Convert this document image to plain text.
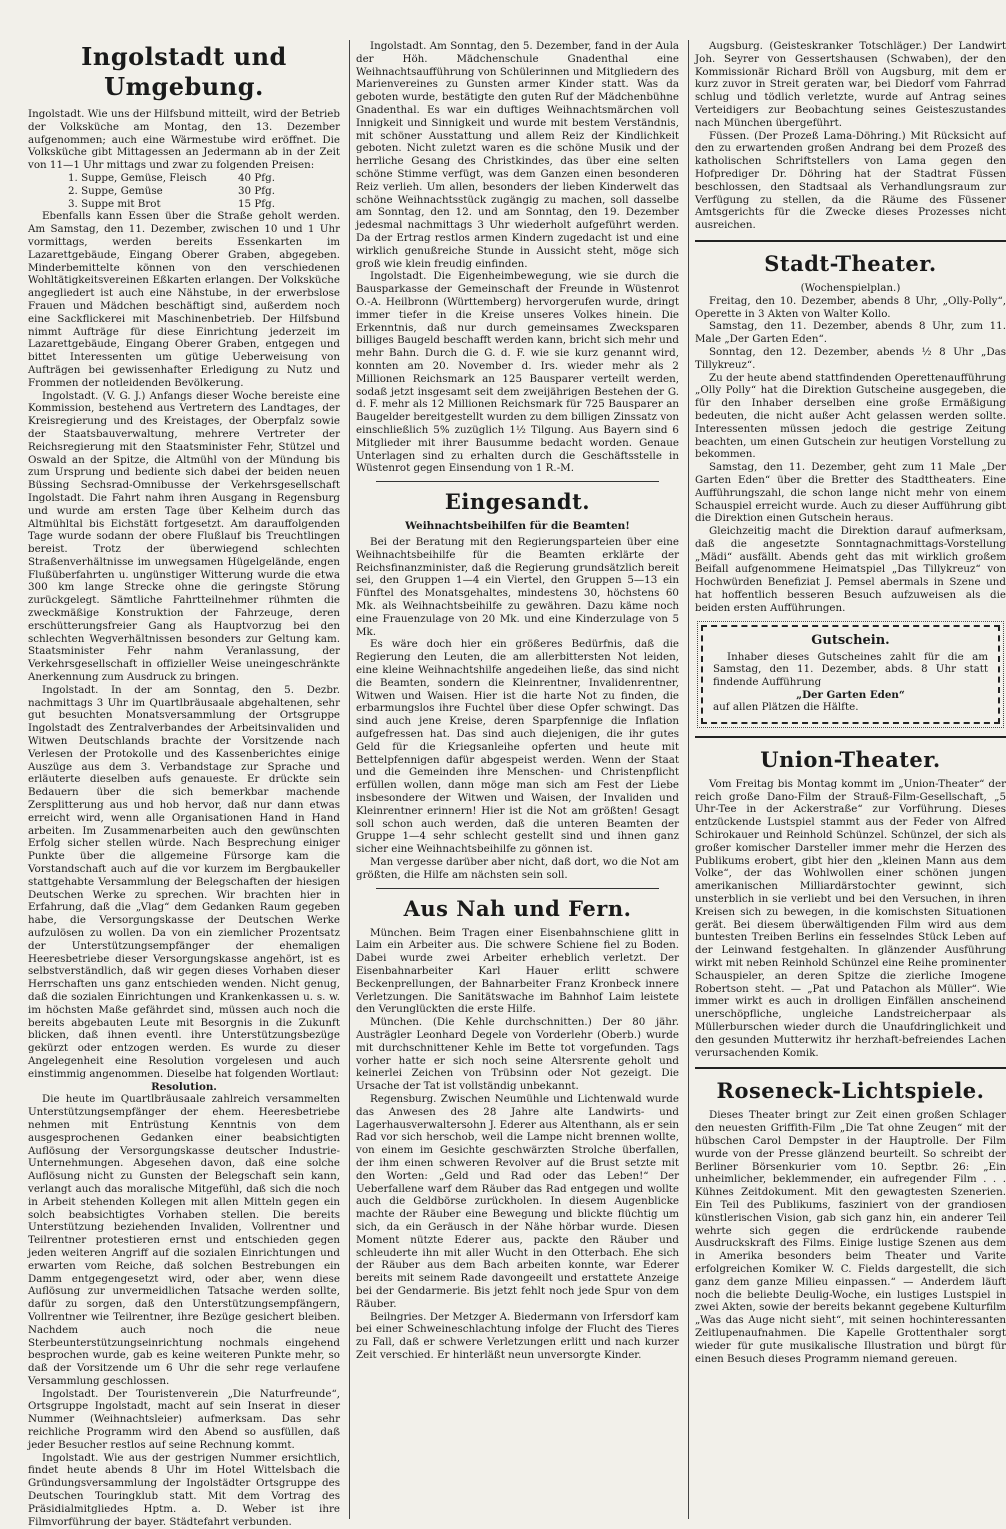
Ingolstadt und Umgebung.

Ingolstadt. Wie uns der Hilfsbund mitteilt, wird der Betrieb der Volksküche am Montag, den 13. Dezember aufgenommen; auch eine Wärmestube wird eröffnet. Die Volksküche gibt Mittagessen an Jedermann ab in der Zeit von 11—1 Uhr mittags und zwar zu folgenden Preisen:

1. Suppe, Gemüse, Fleisch	40 Pfg.
2. Suppe, Gemüse	30 Pfg.
3. Suppe mit Brot	15 Pfg.

Ebenfalls kann Essen über die Straße geholt werden. Am Samstag, den 11. Dezember, zwischen 10 und 1 Uhr vormittags, werden bereits Essenkarten im Lazarettgebäude, Eingang Oberer Graben, abgegeben. Minderbemittelte können von den verschiedenen Wohltätigkeitsvereinen Eßkarten erlangen. Der Volksküche angegliedert ist auch eine Nähstube, in der erwerbslose Frauen und Mädchen beschäftigt sind, außerdem noch eine Sackflickerei mit Maschinenbetrieb. Der Hilfsbund nimmt Aufträge für diese Einrichtung jederzeit im Lazarettgebäude, Eingang Oberer Graben, entgegen und bittet Interessenten um gütige Ueberweisung von Aufträgen bei gewissenhafter Erledigung zu Nutz und Frommen der notleidenden Bevölkerung.

Ingolstadt. (V. G. J.) Anfangs dieser Woche bereiste eine Kommission, bestehend aus Vertretern des Landtages, der Kreisregierung und des Kreistages, der Oberpfalz sowie der Staatsbauverwaltung, mehrere Vertreter der Reichsregierung mit den Staatsminister Fehr, Stützel und Oswald an der Spitze, die Altmühl von der Mündung bis zum Ursprung und bediente sich dabei der beiden neuen Büssing Sechsrad-Omnibusse der Verkehrsgesellschaft Ingolstadt. Die Fahrt nahm ihren Ausgang in Regensburg und wurde am ersten Tage über Kelheim durch das Altmühltal bis Eichstätt fortgesetzt. Am darauffolgenden Tage wurde sodann der obere Flußlauf bis Treuchtlingen bereist. Trotz der überwiegend schlechten Straßenverhältnisse im unwegsamen Hügelgelände, engen Flußüberfahrten u. ungünstiger Witterung wurde die etwa 300 km lange Strecke ohne die geringste Störung zurückgelegt. Sämtliche Fahrtteilnehmer rühmten die zweckmäßige Konstruktion der Fahrzeuge, deren erschütterungsfreier Gang als Hauptvorzug bei den schlechten Wegverhältnissen besonders zur Geltung kam. Staatsminister Fehr nahm Veranlassung, der Verkehrsgesellschaft in offizieller Weise uneingeschränkte Anerkennung zum Ausdruck zu bringen.

Ingolstadt. In der am Sonntag, den 5. Dezbr. nachmittags 3 Uhr im Quartlbräusaale abgehaltenen, sehr gut besuchten Monatsversammlung der Ortsgruppe Ingolstadt des Zentralverbandes der Arbeitsinvaliden und Witwen Deutschlands brachte der Vorsitzende nach Verlesen der Protokolle und des Kassenberichtes einige Auszüge aus dem 3. Verbandstage zur Sprache und erläuterte dieselben aufs genaueste. Er drückte sein Bedauern über die sich bemerkbar machende Zersplitterung aus und hob hervor, daß nur dann etwas erreicht wird, wenn alle Organisationen Hand in Hand arbeiten. Im Zusammenarbeiten auch den gewünschten Erfolg sicher stellen würde. Nach Besprechung einiger Punkte über die allgemeine Fürsorge kam die Vorstandschaft auch auf die vor kurzem im Bergbaukeller stattgehabte Versammlung der Belegschaften der hiesigen Deutschen Werke zu sprechen. Wir brachten hier in Erfahrung, daß die „Vlag“ dem Gedanken Raum gegeben habe, die Versorgungskasse der Deutschen Werke aufzulösen zu wollen. Da von ein ziemlicher Prozentsatz der Unterstützungsempfänger der ehemaligen Heeresbetriebe dieser Versorgungskasse angehört, ist es selbstverständlich, daß wir gegen dieses Vorhaben dieser Herrschaften uns ganz entschieden wenden. Nicht genug, daß die sozialen Einrichtungen und Krankenkassen u. s. w. im höchsten Maße gefährdet sind, müssen auch noch die bereits abgebauten Leute mit Besorgnis in die Zukunft blicken, daß ihnen eventl. ihre Unterstützungsbezüge gekürzt oder entzogen werden. Es wurde zu dieser Angelegenheit eine Resolution vorgelesen und auch einstimmig angenommen. Dieselbe hat folgenden Wortlaut:

Resolution.

Die heute im Quartlbräusaale zahlreich versammelten Unterstützungsempfänger der ehem. Heeresbetriebe nehmen mit Entrüstung Kenntnis von dem ausgesprochenen Gedanken einer beabsichtigten Auflösung der Versorgungskasse deutscher Industrie-Unternehmungen. Abgesehen davon, daß eine solche Auflösung nicht zu Gunsten der Belegschaft sein kann, verlangt auch das moralische Mitgefühl, daß sich die noch in Arbeit stehenden Kollegen mit allen Mitteln gegen ein solch beabsichtigtes Vorhaben stellen. Die bereits Unterstützung beziehenden Invaliden, Vollrentner und Teilrentner protestieren ernst und entschieden gegen jeden weiteren Angriff auf die sozialen Einrichtungen und erwarten vom Reiche, daß solchen Bestrebungen ein Damm entgegengesetzt wird, oder aber, wenn diese Auflösung zur unvermeidlichen Tatsache werden sollte, dafür zu sorgen, daß den Unterstützungsempfängern, Vollrentner wie Teilrentner, ihre Bezüge gesichert bleiben. Nachdem auch noch die neue Sterbeunterstützungseinrichtung nochmals eingehend besprochen wurde, gab es keine weiteren Punkte mehr, so daß der Vorsitzende um 6 Uhr die sehr rege verlaufene Versammlung geschlossen.

Ingolstadt. Der Touristenverein „Die Naturfreunde“, Ortsgruppe Ingolstadt, macht auf sein Inserat in dieser Nummer (Weihnachtsleier) aufmerksam. Das sehr reichliche Programm wird den Abend so ausfüllen, daß jeder Besucher restlos auf seine Rechnung kommt.

Ingolstadt. Wie aus der gestrigen Nummer ersichtlich, findet heute abends 8 Uhr im Hotel Wittelsbach die Gründungsversammlung der Ingolstädter Ortsgruppe des Deutschen Touringklub statt. Mit dem Vortrag des Präsidialmitgliedes Hptm. a. D. Weber ist ihre Filmvorführung der bayer. Städtefahrt verbunden.

Ingolstadt. Am Sonntag, den 5. Dezember, fand in der Aula der Höh. Mädchenschule Gnadenthal eine Weihnachtsaufführung von Schülerinnen und Mitgliedern des Marienvereines zu Gunsten armer Kinder statt. Was da geboten wurde, bestätigte den guten Ruf der Mädchenbühne Gnadenthal. Es war ein duftiges Weihnachtsmärchen voll Innigkeit und Sinnigkeit und wurde mit bestem Verständnis, mit schöner Ausstattung und allem Reiz der Kindlichkeit geboten. Nicht zuletzt waren es die schöne Musik und der herrliche Gesang des Christkindes, das über eine selten schöne Stimme verfügt, was dem Ganzen einen besonderen Reiz verlieh. Um allen, besonders der lieben Kinderwelt das schöne Weihnachtsstück zugängig zu machen, soll dasselbe am Sonntag, den 12. und am Sonntag, den 19. Dezember jedesmal nachmittags 3 Uhr wiederholt aufgeführt werden. Da der Ertrag restlos armen Kindern zugedacht ist und eine wirklich genußreiche Stunde in Aussicht steht, möge sich groß wie klein freudig einfinden.

Ingolstadt. Die Eigenheimbewegung, wie sie durch die Bausparkasse der Gemeinschaft der Freunde in Wüstenrot O.-A. Heilbronn (Württemberg) hervorgerufen wurde, dringt immer tiefer in die Kreise unseres Volkes hinein. Die Erkenntnis, daß nur durch gemeinsames Zwecksparen billiges Baugeld beschafft werden kann, bricht sich mehr und mehr Bahn. Durch die G. d. F. wie sie kurz genannt wird, konnten am 20. November d. Irs. wieder mehr als 2 Millionen Reichsmark an 125 Bausparer verteilt werden, sodaß jetzt insgesamt seit dem zweijährigen Bestehen der G. d. F. mehr als 12 Millionen Reichsmark für 725 Bausparer an Baugelder bereitgestellt wurden zu dem billigen Zinssatz von einschließlich 5% zuzüglich 1½ Tilgung. Aus Bayern sind 6 Mitglieder mit ihrer Bausumme bedacht worden. Genaue Unterlagen sind zu erhalten durch die Geschäftsstelle in Wüstenrot gegen Einsendung von 1 R.-M.

Eingesandt.
Weihnachtsbeihilfen für die Beamten!

Bei der Beratung mit den Regierungsparteien über eine Weihnachtsbeihilfe für die Beamten erklärte der Reichsfinanzminister, daß die Regierung grundsätzlich bereit sei, den Gruppen 1—4 ein Viertel, den Gruppen 5—13 ein Fünftel des Monatsgehaltes, mindestens 30, höchstens 60 Mk. als Weihnachtsbeihilfe zu gewähren. Dazu käme noch eine Frauenzulage von 20 Mk. und eine Kinderzulage von 5 Mk.

Es wäre doch hier ein größeres Bedürfnis, daß die Regierung den Leuten, die am allerbittersten Not leiden, eine kleine Weihnachtshilfe angedeihen ließe, das sind nicht die Beamten, sondern die Kleinrentner, Invalidenrentner, Witwen und Waisen. Hier ist die harte Not zu finden, die erbarmungslos ihre Fuchtel über diese Opfer schwingt. Das sind auch jene Kreise, deren Sparpfennige die Inflation aufgefressen hat. Das sind auch diejenigen, die ihr gutes Geld für die Kriegsanleihe opferten und heute mit Bettelpfennigen dafür abgespeist werden. Wenn der Staat und die Gemeinden ihre Menschen- und Christenpflicht erfüllen wollen, dann möge man sich am Fest der Liebe insbesondere der Witwen und Waisen, der Invaliden und Kleinrentner erinnern! Hier ist die Not am größten! Gesagt soll schon auch werden, daß die unteren Beamten der Gruppe 1—4 sehr schlecht gestellt sind und ihnen ganz sicher eine Weihnachtsbeihilfe zu gönnen ist.

Man vergesse darüber aber nicht, daß dort, wo die Not am größten, die Hilfe am nächsten sein soll.

Aus Nah und Fern.

München. Beim Tragen einer Eisenbahnschiene glitt in Laim ein Arbeiter aus. Die schwere Schiene fiel zu Boden. Dabei wurde zwei Arbeiter erheblich verletzt. Der Eisenbahnarbeiter Karl Hauer erlitt schwere Beckenprellungen, der Bahnarbeiter Franz Kronbeck innere Verletzungen. Die Sanitätswache im Bahnhof Laim leistete den Verunglückten die erste Hilfe.

München. (Die Kehle durchschnitten.) Der 80 jähr. Austrägler Leonhard Degele von Vorderlehr (Oberb.) wurde mit durchschnittener Kehle im Bette tot vorgefunden. Tags vorher hatte er sich noch seine Altersrente geholt und keinerlei Zeichen von Trübsinn oder Not gezeigt. Die Ursache der Tat ist vollständig unbekannt.

Regensburg. Zwischen Neumühle und Lichtenwald wurde das Anwesen des 28 Jahre alte Landwirts- und Lagerhausverwaltersohn J. Ederer aus Altenthann, als er sein Rad vor sich herschob, weil die Lampe nicht brennen wollte, von einem im Gesichte geschwärzten Strolche überfallen, der ihm einen schweren Revolver auf die Brust setzte mit den Worten: „Geld und Rad oder das Leben!“ Der Ueberfallene warf dem Räuber das Rad entgegen und wollte auch die Geldbörse zurückholen. In diesem Augenblicke machte der Räuber eine Bewegung und blickte flüchtig um sich, da ein Geräusch in der Nähe hörbar wurde. Diesen Moment nützte Ederer aus, packte den Räuber und schleuderte ihn mit aller Wucht in den Otterbach. Ehe sich der Räuber aus dem Bach arbeiten konnte, war Ederer bereits mit seinem Rade davongeeilt und erstattete Anzeige bei der Gendarmerie. Bis jetzt fehlt noch jede Spur von dem Räuber.

Beilngries. Der Metzger A. Biedermann von Irfersdorf kam bei einer Schweineschlachtung infolge der Flucht des Tieres zu Fall, daß er schwere Verletzungen erlitt und nach kurzer Zeit verschied. Er hinterläßt neun unversorgte Kinder.

Augsburg. (Geisteskranker Totschläger.) Der Landwirt Joh. Seyrer von Gessertshausen (Schwaben), der den Kommissionär Richard Bröll von Augsburg, mit dem er kurz zuvor in Streit geraten war, bei Diedorf vom Fahrrad schlug und tödlich verletzte, wurde auf Antrag seines Verteidigers zur Beobachtung seines Geisteszustandes nach München übergeführt.

Füssen. (Der Prozeß Lama-Döhring.) Mit Rücksicht auf den zu erwartenden großen Andrang bei dem Prozeß des katholischen Schriftstellers von Lama gegen den Hofprediger Dr. Döhring hat der Stadtrat Füssen beschlossen, den Stadtsaal als Verhandlungsraum zur Verfügung zu stellen, da die Räume des Füssener Amtsgerichts für die Zwecke dieses Prozesses nicht ausreichen.

Stadt-Theater.
(Wochenspielplan.)

Freitag, den 10. Dezember, abends 8 Uhr, „Olly-Polly“, Operette in 3 Akten von Walter Kollo.

Samstag, den 11. Dezember, abends 8 Uhr, zum 11. Male „Der Garten Eden“.

Sonntag, den 12. Dezember, abends ½ 8 Uhr „Das Tillykreuz“.

Zu der heute abend stattfindenden Operettenaufführung „Olly Polly“ hat die Direktion Gutscheine ausgegeben, die für den Inhaber derselben eine große Ermäßigung bedeuten, die nicht außer Acht gelassen werden sollte. Interessenten müssen jedoch die gestrige Zeitung beachten, um einen Gutschein zur heutigen Vorstellung zu bekommen.

Samstag, den 11. Dezember, geht zum 11 Male „Der Garten Eden“ über die Bretter des Stadttheaters. Eine Aufführungszahl, die schon lange nicht mehr von einem Schauspiel erreicht wurde. Auch zu dieser Aufführung gibt die Direktion einen Gutschein heraus.

Gleichzeitig macht die Direktion darauf aufmerksam, daß die angesetzte Sonntagnachmittags-Vorstellung „Mädi“ ausfällt. Abends geht das mit wirklich großem Beifall aufgenommene Heimatspiel „Das Tillykreuz“ von Hochwürden Benefiziat J. Pemsel abermals in Szene und hat hoffentlich besseren Besuch aufzuweisen als die beiden ersten Aufführungen.

Gutschein.

Inhaber dieses Gutscheines zahlt für die am Samstag, den 11. Dezember, abds. 8 Uhr statt findende Aufführung

„Der Garten Eden“

auf allen Plätzen die Hälfte.

Union-Theater.

Vom Freitag bis Montag kommt im „Union-Theater“ der reich große Dano-Film der Strauß-Film-Gesellschaft, „5 Uhr-Tee in der Ackerstraße“ zur Vorführung. Dieses entzückende Lustspiel stammt aus der Feder von Alfred Schirokauer und Reinhold Schünzel. Schünzel, der sich als großer komischer Darsteller immer mehr die Herzen des Publikums erobert, gibt hier den „kleinen Mann aus dem Volke“, der das Wohlwollen einer schönen jungen amerikanischen Milliardärstochter gewinnt, sich unsterblich in sie verliebt und bei den Versuchen, in ihren Kreisen sich zu bewegen, in die komischsten Situationen gerät. Bei diesem überwältigenden Film wird aus dem buntesten Treiben Berlins ein fesselndes Stück Leben auf der Leinwand festgehalten. In glänzender Ausführung wirkt mit neben Reinhold Schünzel eine Reihe prominenter Schauspieler, an deren Spitze die zierliche Imogene Robertson steht. — „Pat und Patachon als Müller“. Wie immer wirkt es auch in drolligen Einfällen anscheinend unerschöpfliche, ungleiche Landstreicherpaar als Müllerburschen wieder durch die Unaufdringlichkeit und den gesunden Mutterwitz ihr herzhaft-befreiendes Lachen verursachenden Komik.

Roseneck-Lichtspiele.

Dieses Theater bringt zur Zeit einen großen Schlager den neuesten Griffith-Film „Die Tat ohne Zeugen“ mit der hübschen Carol Dempster in der Hauptrolle. Der Film wurde von der Presse glänzend beurteilt. So schreibt der Berliner Börsenkurier vom 10. Septbr. 26: „Ein unheimlicher, beklemmender, ein aufregender Film . . . Kühnes Zeitdokument. Mit den gewagtesten Szenerien. Ein Teil des Publikums, fasziniert von der grandiosen künstlerischen Vision, gab sich ganz hin, ein anderer Teil wehrte sich gegen die erdrückende raubende Ausdruckskraft des Films. Einige lustige Szenen aus dem in Amerika besonders beim Theater und Varite erfolgreichen Komiker W. C. Fields dargestellt, die sich ganz dem ganze Milieu einpassen.“ — Anderdem läuft noch die beliebte Deulig-Woche, ein lustiges Lustspiel in zwei Akten, sowie der bereits bekannt gegebene Kulturfilm „Was das Auge nicht sieht“, mit seinen hochinteressanten Zeitlupenaufnahmen. Die Kapelle Grottenthaler sorgt wieder für gute musikalische Illustration und bürgt für einen Besuch dieses Programm niemand gereuen.
